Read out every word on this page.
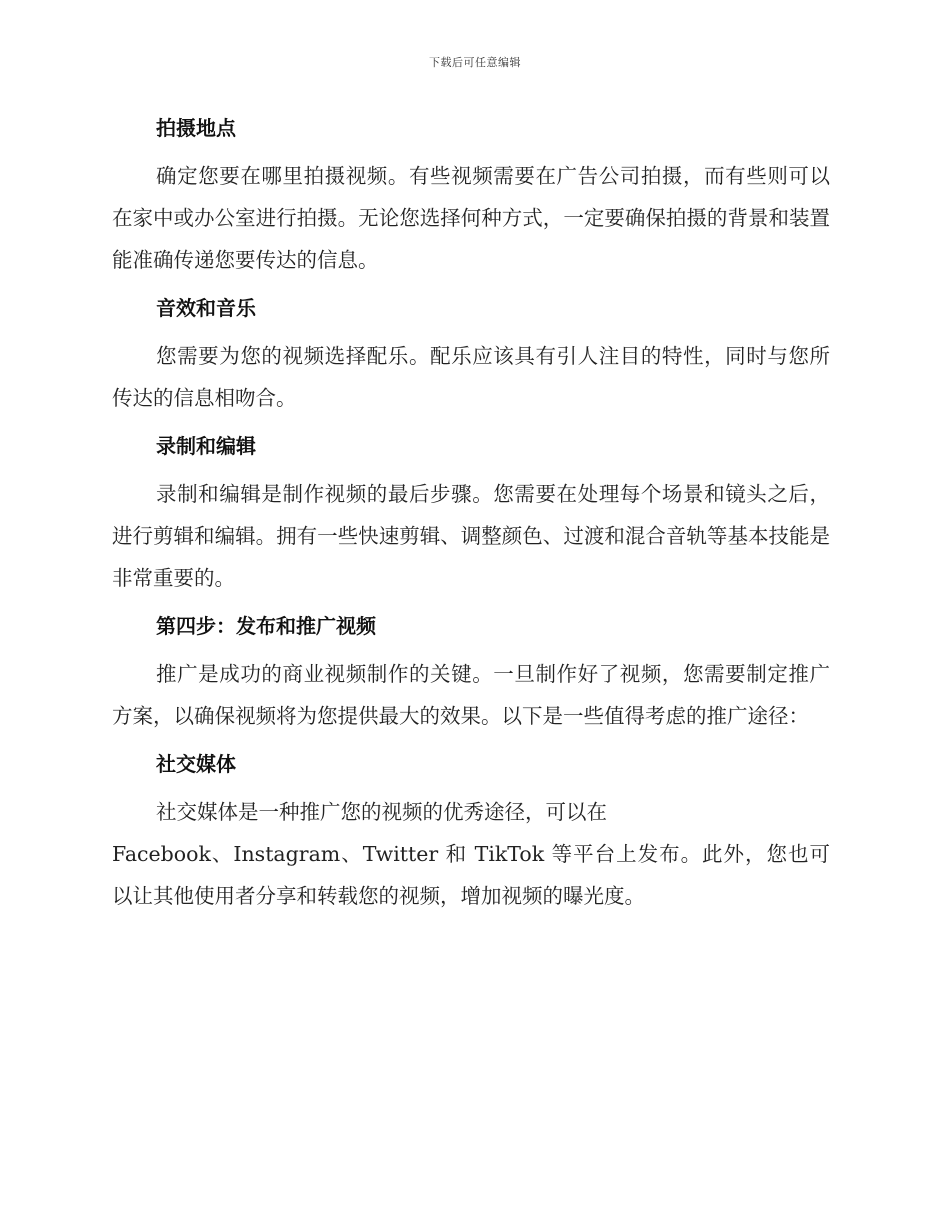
下载后可任意编辑
拍摄地点

确定您要在哪里拍摄视频。有些视频需要在广告公司拍摄，而有些则可以在家中或办公室进行拍摄。无论您选择何种方式，一定要确保拍摄的背景和装置能准确传递您要传达的信息。

音效和音乐

您需要为您的视频选择配乐。配乐应该具有引人注目的特性，同时与您所传达的信息相吻合。

录制和编辑

录制和编辑是制作视频的最后步骤。您需要在处理每个场景和镜头之后，进行剪辑和编辑。拥有一些快速剪辑、调整颜色、过渡和混合音轨等基本技能是非常重要的。

第四步：发布和推广视频

推广是成功的商业视频制作的关键。一旦制作好了视频，您需要制定推广方案，以确保视频将为您提供最大的效果。以下是一些值得考虑的推广途径：

社交媒体

社交媒体是一种推广您的视频的优秀途径，可以在
Facebook、Instagram、Twitter 和 TikTok 等平台上发布。此外，您也可以让其他使用者分享和转载您的视频，增加视频的曝光度。
